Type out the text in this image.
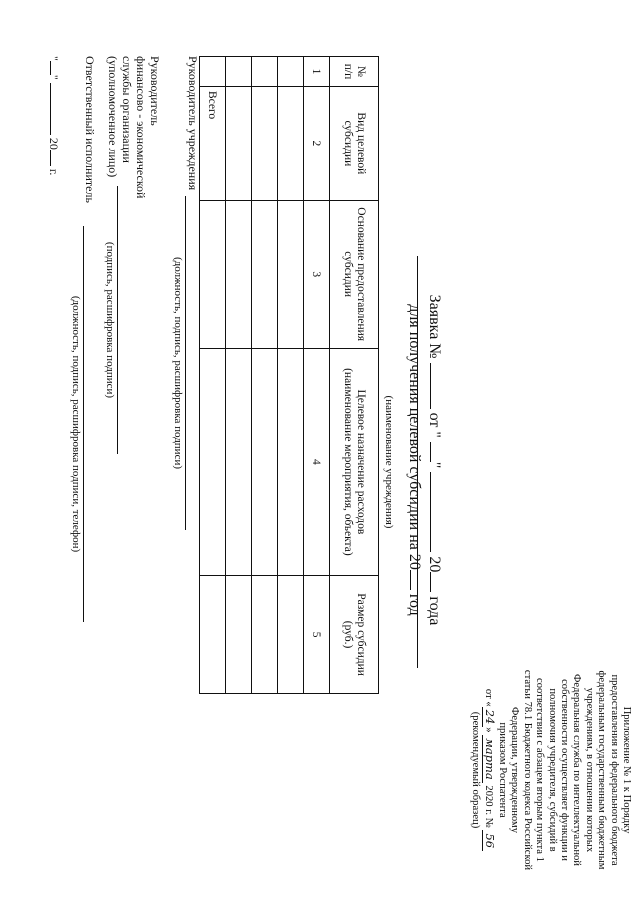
Приложение № 1 к Порядку
предоставления из федерального бюджета
федеральным государственным бюджетным
учреждениям, в отношении которых
Федеральная служба по интеллектуальной
собственности осуществляет функции и
полномочия учредителя, субсидий в
соответствии с абзацем вторым пункта 1
статьи 78.1 Бюджетного кодекса Российской
Федерации, утвержденному
приказом Роспатента
от «24» марта 2020 г. № 56
(рекомендуемый образец)
Заявка №  от " "  20 года
для получения целевой субсидии на 20 год
(наименование учреждения)
№ п/п	Вид целевой субсидии	Основание предоставления субсидии	Целевое назначение расходов (наименование мероприятия, объекта)	Размер субсидии (руб.)
1	2	3	4	5

	Всего			
Руководитель учреждения
(должность, подпись, расшифровка подписи)
Руководитель
финансово - экономической
службы организации
(уполномоченное лицо)
(подпись, расшифровка подписи)
Ответственный исполнитель
(должность, подпись, расшифровка подписи, телефон)
""  20 г.
